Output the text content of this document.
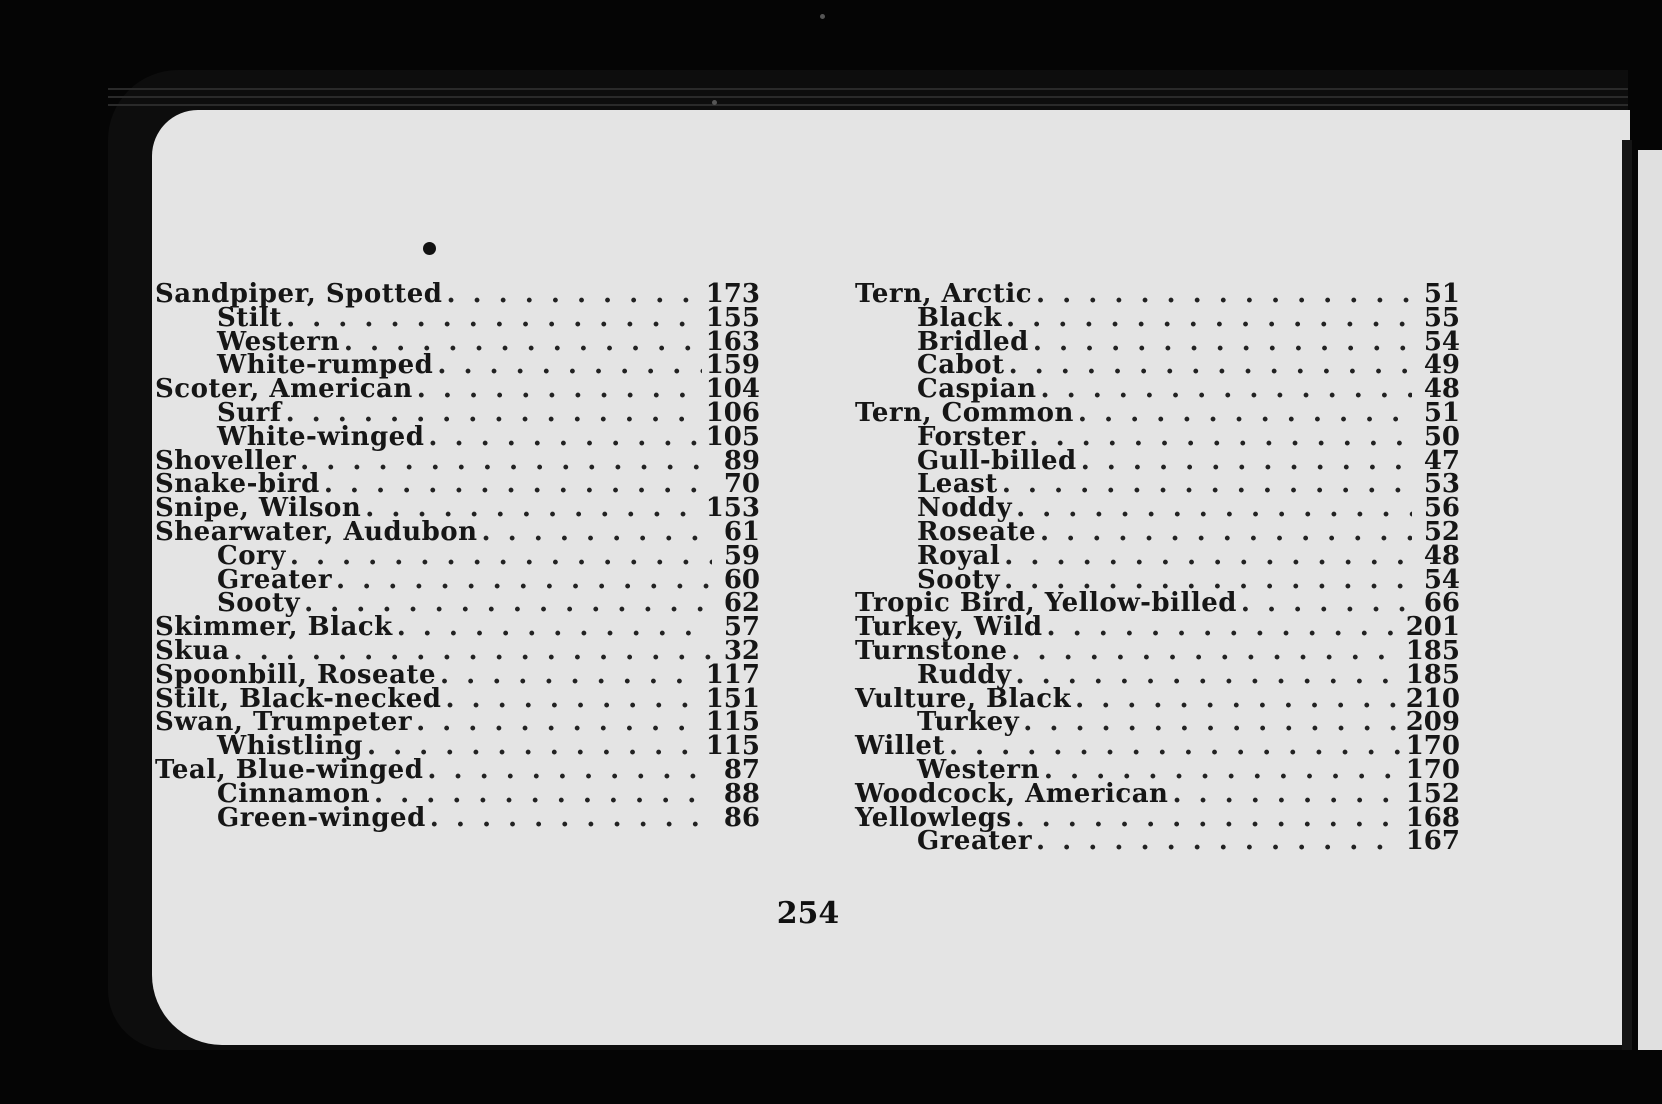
Sandpiper, Spotted . . .	173
Stilt . . .	155
Western . . .	163
White-rumped . . .	159
Scoter, American . . .	104
Surf . . .	106
White-winged . . .	105
Shoveller . . .	89
Snake-bird . . .	70
Snipe, Wilson . . .	153
Shearwater, Audubon . . .	61
Cory . . .	59
Greater . . .	60
Sooty . . .	62
Skimmer, Black . . .	57
Skua . . .	32
Spoonbill, Roseate . . .	117
Stilt, Black-necked . . .	151
Swan, Trumpeter . . .	115
Whistling . . .	115
Teal, Blue-winged . . .	87
Cinnamon . . .	88
Green-winged . . .	86
Tern, Arctic . . .	51
Black . . .	55
Bridled . . .	54
Cabot . . .	49
Caspian . . .	48
Tern, Common . . .	51
Forster . . .	50
Gull-billed . . .	47
Least . . .	53
Noddy . . .	56
Roseate . . .	52
Royal . . .	48
Sooty . . .	54
Tropic Bird, Yellow-billed . . .	66
Turkey, Wild . . .	201
Turnstone . . .	185
Ruddy . . .	185
Vulture, Black . . .	210
Turkey . . .	209
Willet . . .	170
Western . . .	170
Woodcock, American . . .	152
Yellowlegs . . .	168
Greater . . .	167
254
